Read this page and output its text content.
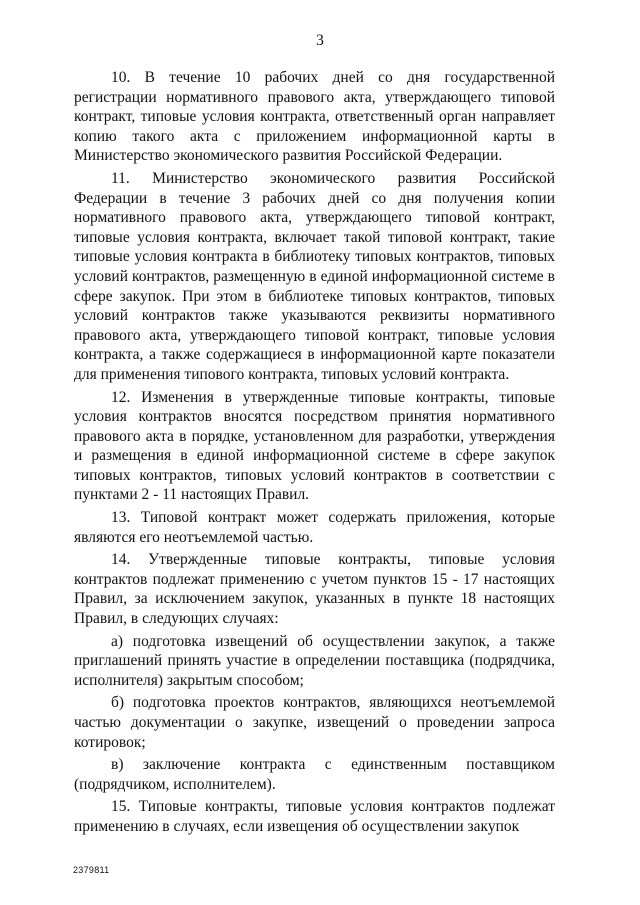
3

10. В течение 10 рабочих дней со дня государственной регистрации нормативного правового акта, утверждающего типовой контракт, типовые условия контракта, ответственный орган направляет копию такого акта с приложением информационной карты в Министерство экономического развития Российской Федерации.

11. Министерство экономического развития Российской Федерации в течение 3 рабочих дней со дня получения копии нормативного правового акта, утверждающего типовой контракт, типовые условия контракта, включает такой типовой контракт, такие типовые условия контракта в библиотеку типовых контрактов, типовых условий контрактов, размещенную в единой информационной системе в сфере закупок. При этом в библиотеке типовых контрактов, типовых условий контрактов также указываются реквизиты нормативного правового акта, утверждающего типовой контракт, типовые условия контракта, а также содержащиеся в информационной карте показатели для применения типового контракта, типовых условий контракта.

12. Изменения в утвержденные типовые контракты, типовые условия контрактов вносятся посредством принятия нормативного правового акта в порядке, установленном для разработки, утверждения и размещения в единой информационной системе в сфере закупок типовых контрактов, типовых условий контрактов в соответствии с пунктами 2 - 11 настоящих Правил.

13. Типовой контракт может содержать приложения, которые являются его неотъемлемой частью.

14. Утвержденные типовые контракты, типовые условия контрактов подлежат применению с учетом пунктов 15 - 17 настоящих Правил, за исключением закупок, указанных в пункте 18 настоящих Правил, в следующих случаях:

а) подготовка извещений об осуществлении закупок, а также приглашений принять участие в определении поставщика (подрядчика, исполнителя) закрытым способом;

б) подготовка проектов контрактов, являющихся неотъемлемой частью документации о закупке, извещений о проведении запроса котировок;

в) заключение контракта с единственным поставщиком (подрядчиком, исполнителем).

15. Типовые контракты, типовые условия контрактов подлежат применению в случаях, если извещения об осуществлении закупок

2379811
